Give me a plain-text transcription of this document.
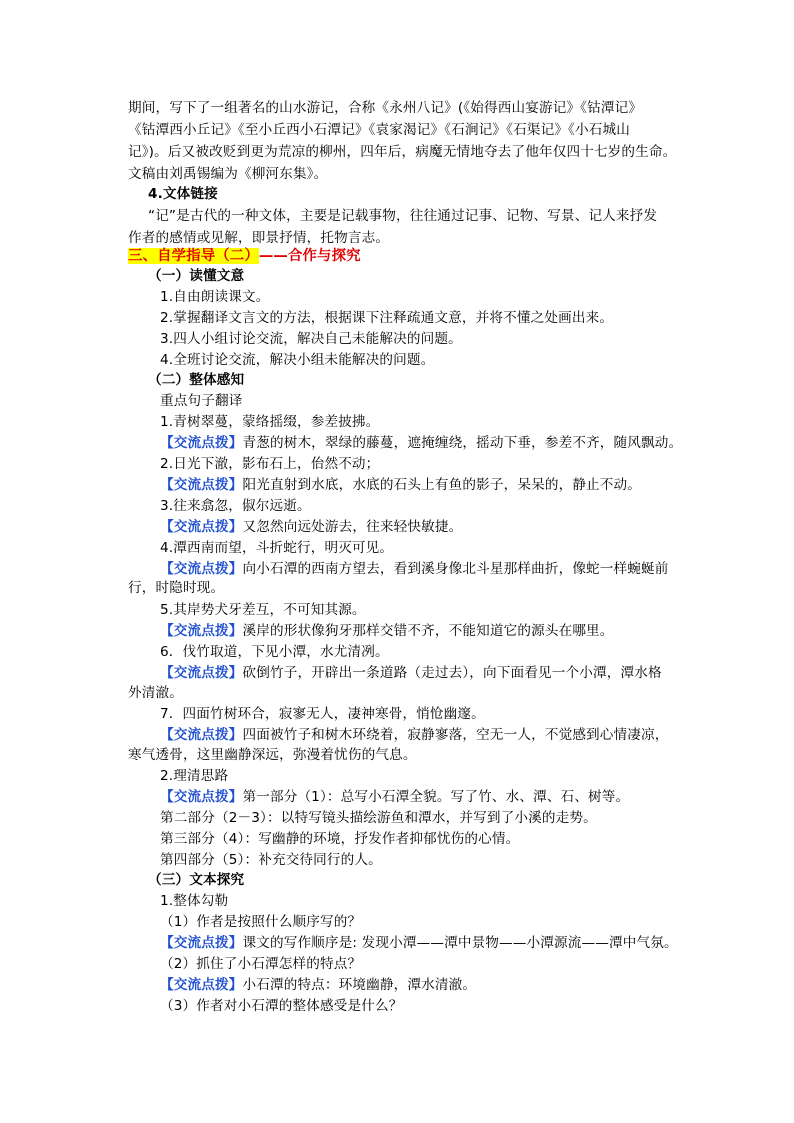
期间，写下了一组著名的山水游记，合称《永州八记》(《始得西山宴游记》《钴潭记》
《钴潭西小丘记》《至小丘西小石潭记》《袁家渴记》《石涧记》《石渠记》《小石城山
记》)。后又被改贬到更为荒凉的柳州，四年后，病魔无情地夺去了他年仅四十七岁的生命。
文稿由刘禹锡编为《柳河东集》。
4.文体链接
“记”是古代的一种文体，主要是记载事物，往往通过记事、记物、写景、记人来抒发
作者的感情或见解，即景抒情，托物言志。
三、自学指导（二）——合作与探究
（一）读懂文意
1.自由朗读课文。
2.掌握翻译文言文的方法，根据课下注释疏通文意，并将不懂之处画出来。
3.四人小组讨论交流，解决自己未能解决的问题。
4.全班讨论交流，解决小组未能解决的问题。
（二）整体感知
重点句子翻译
1.青树翠蔓，蒙络摇缀，参差披拂。
【交流点拨】青葱的树木，翠绿的藤蔓，遮掩缠绕，摇动下垂，参差不齐，随风飘动。
2.日光下澈，影布石上，佁然不动；
【交流点拨】阳光直射到水底，水底的石头上有鱼的影子，呆呆的，静止不动。
3.往来翕忽，俶尔远逝。
【交流点拨】又忽然向远处游去，往来轻快敏捷。
4.潭西南而望，斗折蛇行，明灭可见。
【交流点拨】向小石潭的西南方望去，看到溪身像北斗星那样曲折，像蛇一样蜿蜒前
行，时隐时现。
5.其岸势犬牙差互，不可知其源。
【交流点拨】溪岸的形状像狗牙那样交错不齐，不能知道它的源头在哪里。
6．伐竹取道，下见小潭，水尤清冽。
【交流点拨】砍倒竹子，开辟出一条道路（走过去），向下面看见一个小潭，潭水格
外清澈。
7．四面竹树环合，寂寥无人，凄神寒骨，悄怆幽邃。
【交流点拨】四面被竹子和树木环绕着，寂静寥落，空无一人，不觉感到心情凄凉，
寒气透骨，这里幽静深远，弥漫着忧伤的气息。
2.理清思路
【交流点拨】第一部分（1）：总写小石潭全貌。写了竹、水、潭、石、树等。
第二部分（2－3）：以特写镜头描绘游鱼和潭水，并写到了小溪的走势。
第三部分（4）：写幽静的环境，抒发作者抑郁忧伤的心情。
第四部分（5）：补充交待同行的人。
（三）文本探究
1.整体勾勒
（1）作者是按照什么顺序写的？
【交流点拨】课文的写作顺序是: 发现小潭——潭中景物——小潭源流——潭中气氛。
（2）抓住了小石潭怎样的特点？
【交流点拨】小石潭的特点：环境幽静，潭水清澈。
（3）作者对小石潭的整体感受是什么？
